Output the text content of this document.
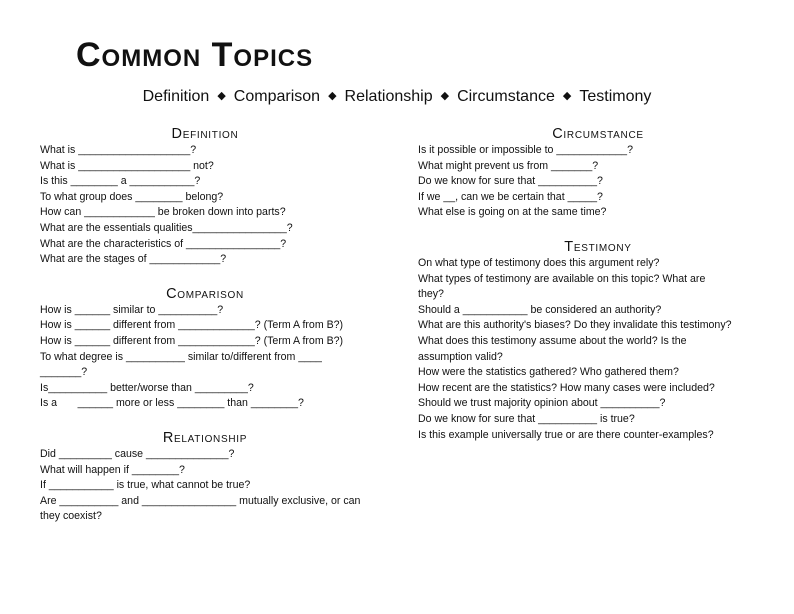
Common Topics
Definition ◆ Comparison ◆ Relationship ◆ Circumstance ◆ Testimony
Definition
What is ___________________?
What is ___________________ not?
Is this ________ a ___________?
To what group does ________ belong?
How can ____________ be broken down into parts?
What are the essentials qualities________________?
What are the characteristics of ________________?
What are the stages of ____________?
Comparison
How is ______ similar to __________?
How is ______ different from _____________? (Term A from B?)
How is ______ different from _____________? (Term A from B?)
To what degree is __________ similar to/different from ____
_______?
Is__________ better/worse than _________?
Is a       ______ more or less ________ than ________?
Relationship
Did _________ cause ______________?
What will happen if ________?
If ___________ is true, what cannot be true?
Are __________ and ________________ mutually exclusive, or can
they coexist?
Circumstance
Is it possible or impossible to ____________?
What might prevent us from _______?
Do we know for sure that __________?
If we __, can we be certain that _____?
What else is going on at the same time?
Testimony
On what type of testimony does this argument rely?
What types of testimony are available on this topic? What are
they?
Should a ___________ be considered an authority?
What are this authority's biases? Do they invalidate this testimony?
What does this testimony assume about the world? Is the
assumption valid?
How were the statistics gathered? Who gathered them?
How recent are the statistics? How many cases were included?
Should we trust majority opinion about __________?
Do we know for sure that __________ is true?
Is this example universally true or are there counter-examples?
